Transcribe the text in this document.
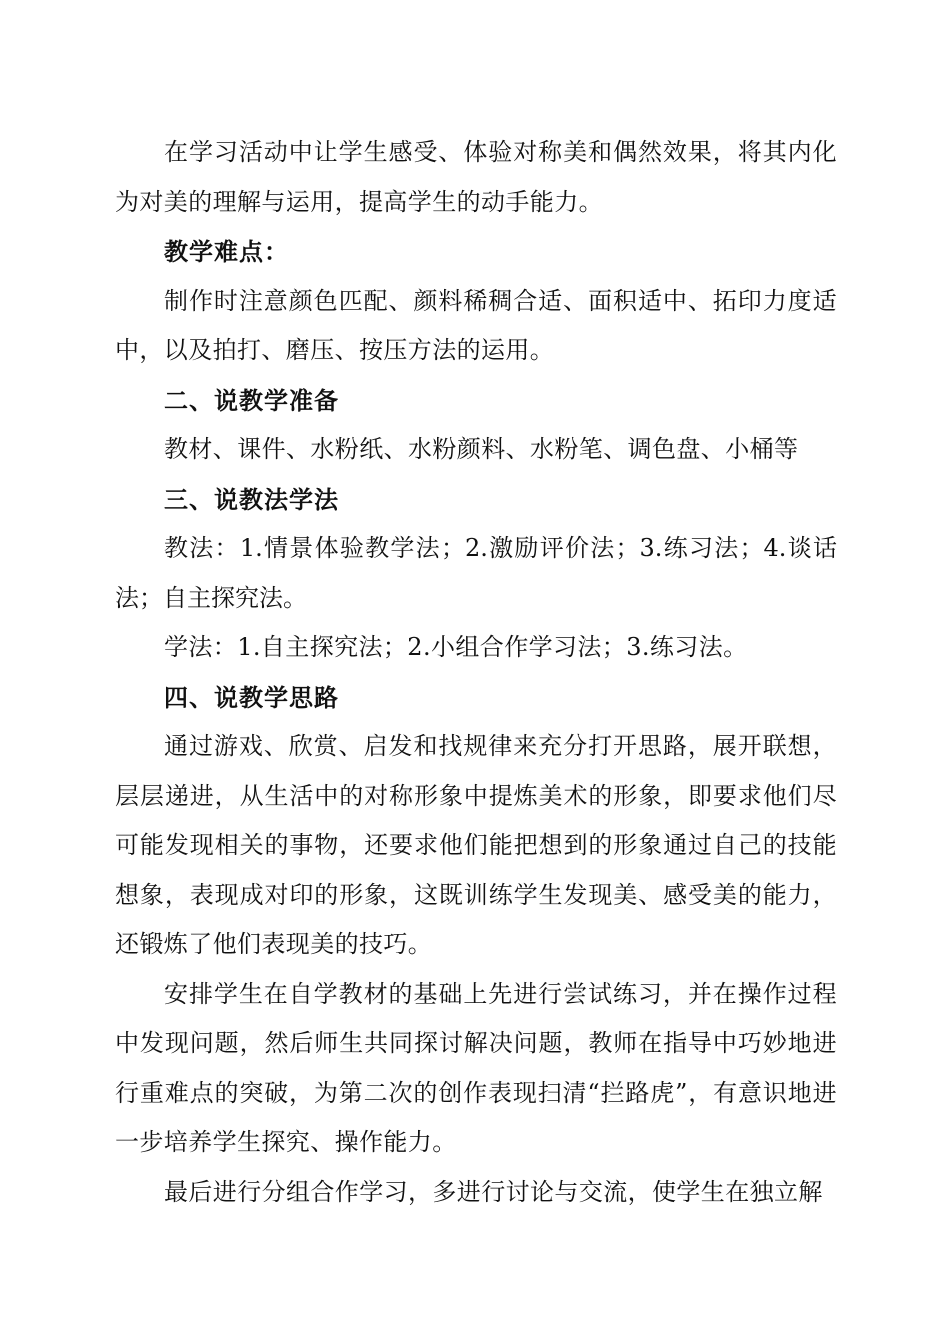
在学习活动中让学生感受、体验对称美和偶然效果，将其内化为对美的理解与运用，提高学生的动手能力。

教学难点：

制作时注意颜色匹配、颜料稀稠合适、面积适中、拓印力度适中，以及拍打、磨压、按压方法的运用。

二、说教学准备

教材、课件、水粉纸、水粉颜料、水粉笔、调色盘、小桶等

三、说教法学法

教法：1.情景体验教学法；2.激励评价法；3.练习法；4.谈话法；自主探究法。

学法：1.自主探究法；2.小组合作学习法；3.练习法。

四、说教学思路

通过游戏、欣赏、启发和找规律来充分打开思路，展开联想，层层递进，从生活中的对称形象中提炼美术的形象，即要求他们尽可能发现相关的事物，还要求他们能把想到的形象通过自己的技能想象，表现成对印的形象，这既训练学生发现美、感受美的能力，还锻炼了他们表现美的技巧。

安排学生在自学教材的基础上先进行尝试练习，并在操作过程中发现问题，然后师生共同探讨解决问题，教师在指导中巧妙地进行重难点的突破，为第二次的创作表现扫清“拦路虎”，有意识地进一步培养学生探究、操作能力。

最后进行分组合作学习，多进行讨论与交流，使学生在独立解
